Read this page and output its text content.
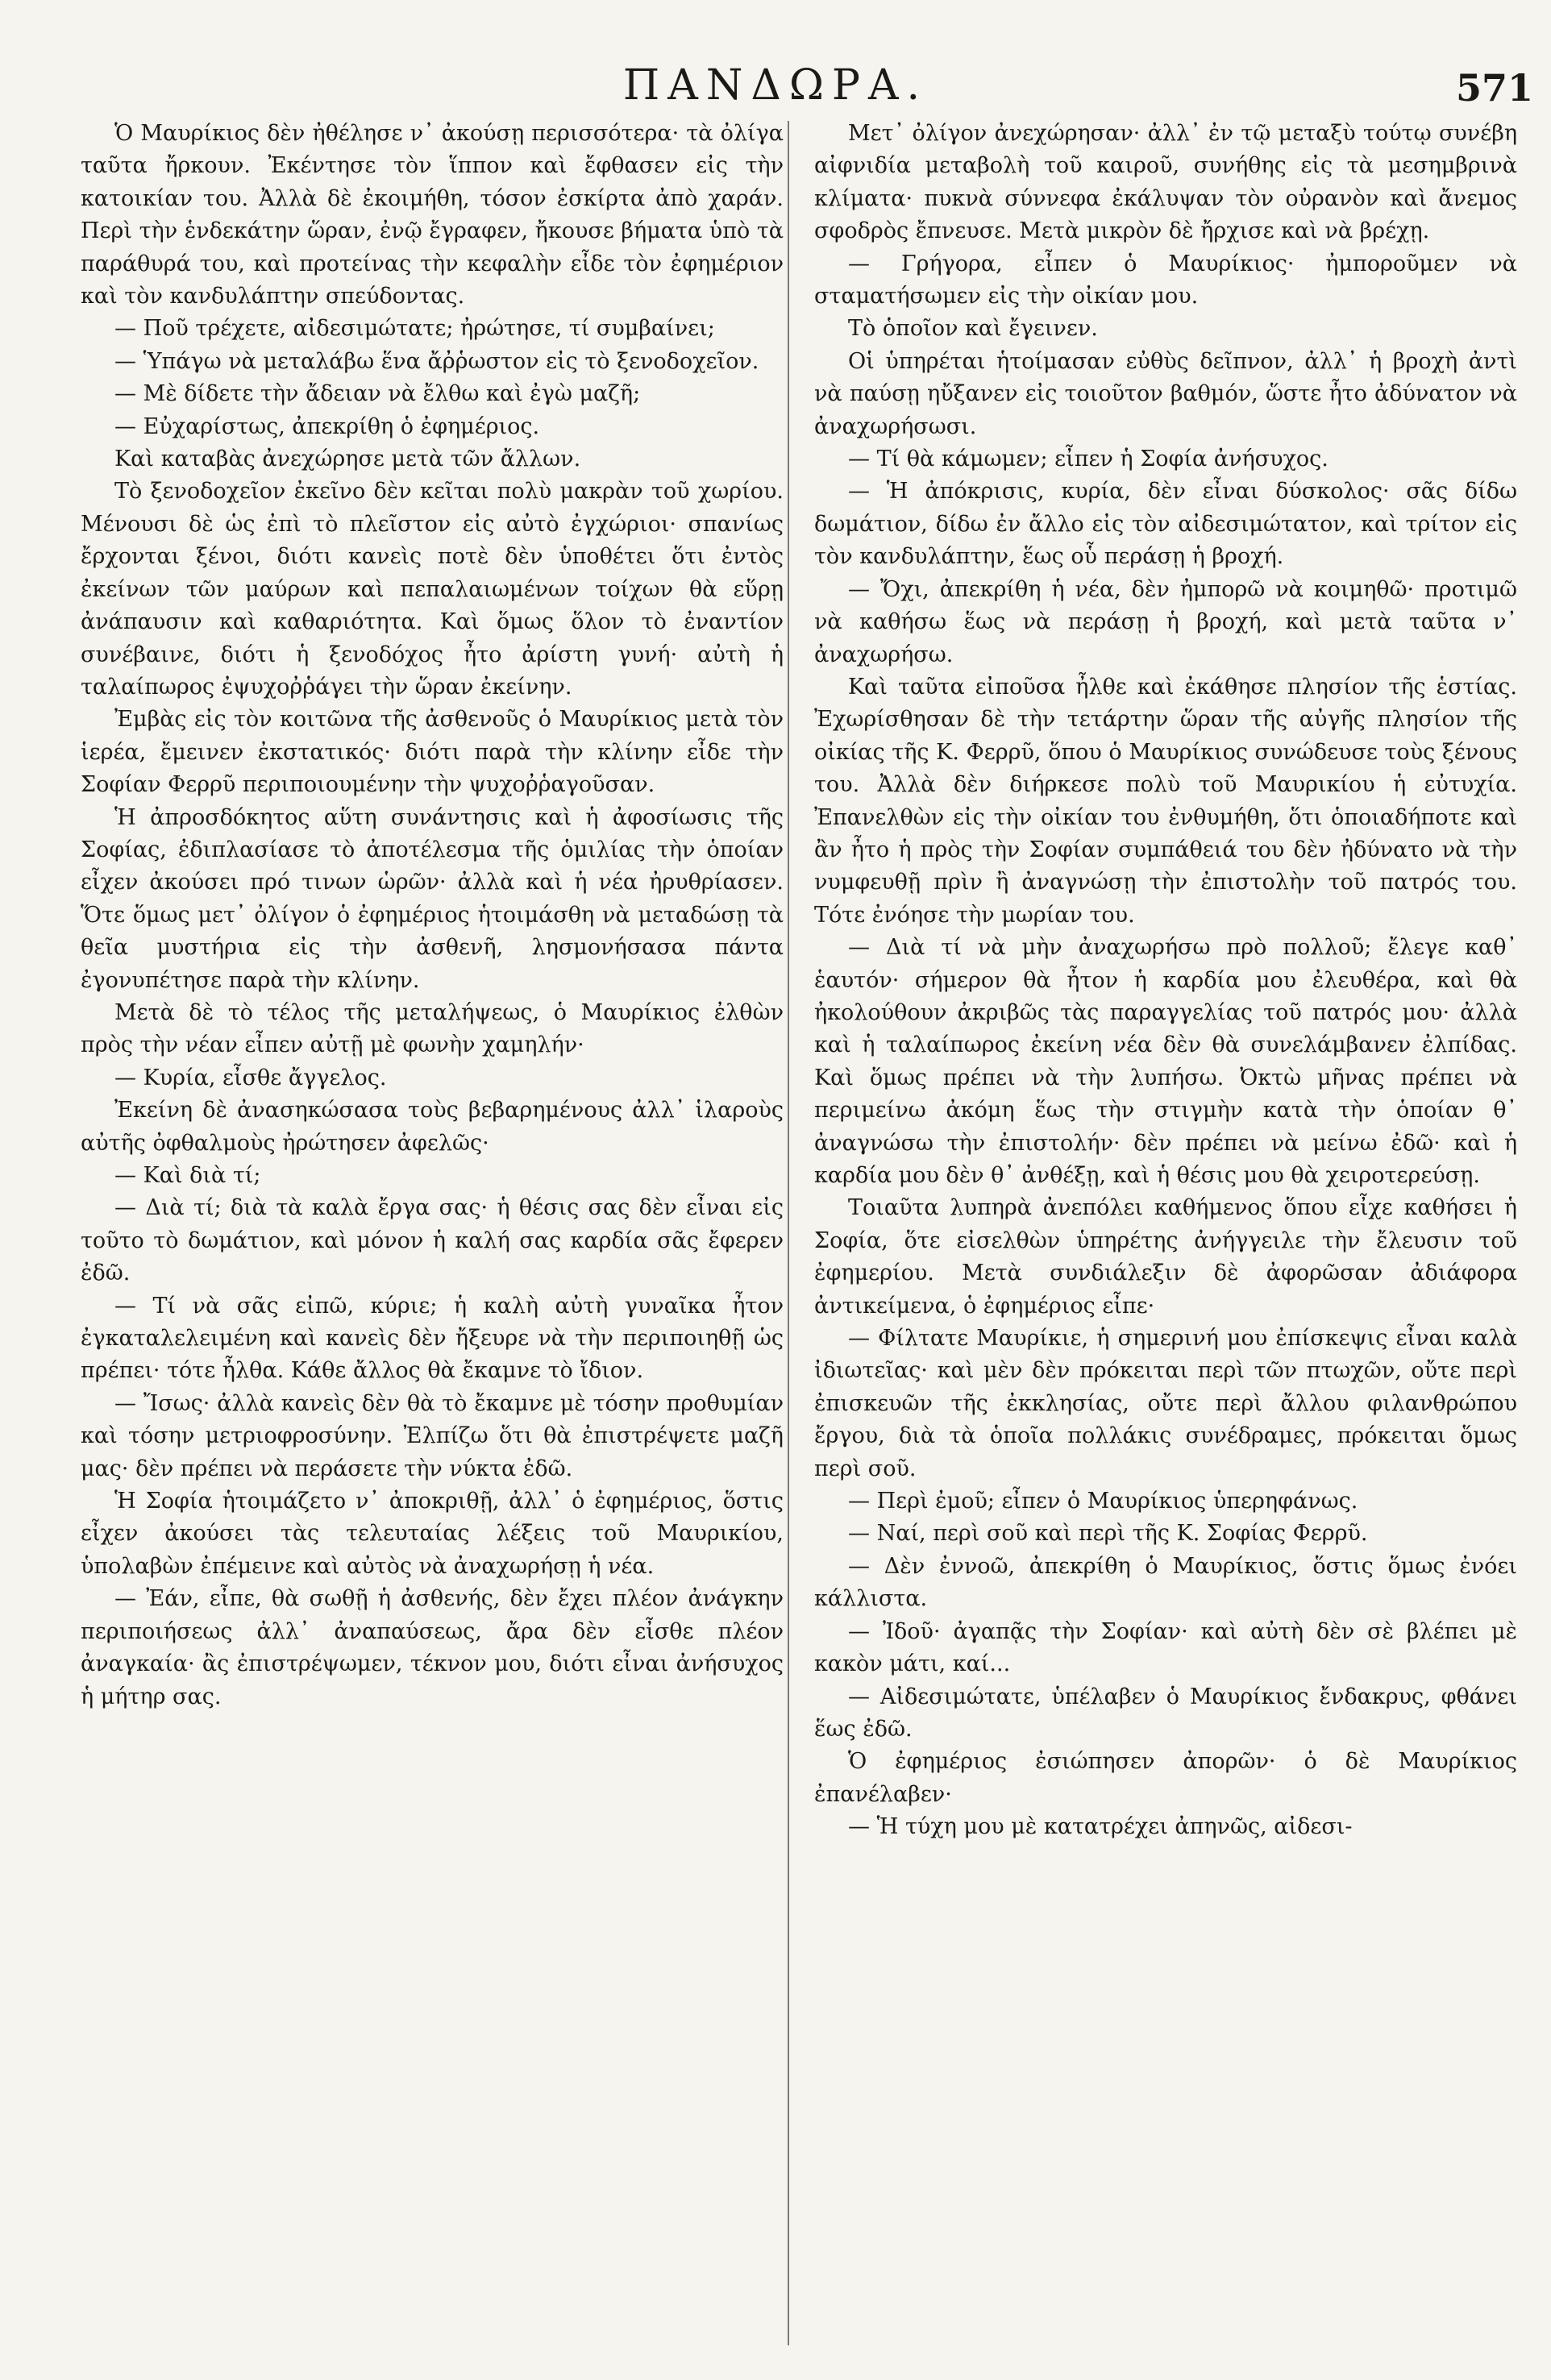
ΠΑΝΔΩΡΑ.	571

Ὁ Μαυρίκιος δὲν ἠθέλησε ν᾽ ἀκούσῃ περισσότερα· τὰ ὀλίγα ταῦτα ἤρκουν. Ἐκέντησε τὸν ἵππον καὶ ἔφθασεν εἰς τὴν κατοικίαν του. Ἀλλὰ δὲ ἐκοιμήθη, τόσον ἐσκίρτα ἀπὸ χαράν. Περὶ τὴν ἑνδεκάτην ὥραν, ἐνῷ ἔγραφεν, ἤκουσε βήματα ὑπὸ τὰ παράθυρά του, καὶ προτείνας τὴν κεφαλὴν εἶδε τὸν ἐφημέριον καὶ τὸν κανδυλάπτην σπεύδοντας.

— Ποῦ τρέχετε, αἰδεσιμώτατε; ἠρώτησε, τί συμβαίνει;

— Ὑπάγω νὰ μεταλάβω ἕνα ἄῤῥωστον εἰς τὸ ξενοδοχεῖον.

— Μὲ δίδετε τὴν ἄδειαν νὰ ἔλθω καὶ ἐγὼ μαζῆ;

— Εὐχαρίστως, ἀπεκρίθη ὁ ἐφημέριος.

Καὶ καταβὰς ἀνεχώρησε μετὰ τῶν ἄλλων.

Τὸ ξενοδοχεῖον ἐκεῖνο δὲν κεῖται πολὺ μακρὰν τοῦ χωρίου. Μένουσι δὲ ὡς ἐπὶ τὸ πλεῖστον εἰς αὐτὸ ἐγχώριοι· σπανίως ἔρχονται ξένοι, διότι κανεὶς ποτὲ δὲν ὑποθέτει ὅτι ἐντὸς ἐκείνων τῶν μαύρων καὶ πεπαλαιωμένων τοίχων θὰ εὕρῃ ἀνάπαυσιν καὶ καθαριότητα. Καὶ ὅμως ὅλον τὸ ἐναντίον συνέβαινε, διότι ἡ ξενοδόχος ἦτο ἀρίστη γυνή· αὐτὴ ἡ ταλαίπωρος ἐψυχοῤῥάγει τὴν ὥραν ἐκείνην.

Ἐμβὰς εἰς τὸν κοιτῶνα τῆς ἀσθενοῦς ὁ Μαυρίκιος μετὰ τὸν ἱερέα, ἔμεινεν ἐκστατικός· διότι παρὰ τὴν κλίνην εἶδε τὴν Σοφίαν Φερρῦ περιποιουμένην τὴν ψυχοῤῥαγοῦσαν.

Ἡ ἀπροσδόκητος αὕτη συνάντησις καὶ ἡ ἀφοσίωσις τῆς Σοφίας, ἐδιπλασίασε τὸ ἀποτέλεσμα τῆς ὁμιλίας τὴν ὁποίαν εἶχεν ἀκούσει πρό τινων ὡρῶν· ἀλλὰ καὶ ἡ νέα ἠρυθρίασεν. Ὅτε ὅμως μετ᾽ ὀλίγον ὁ ἐφημέριος ἡτοιμάσθη νὰ μεταδώσῃ τὰ θεῖα μυστήρια εἰς τὴν ἀσθενῆ, λησμονήσασα πάντα ἐγονυπέτησε παρὰ τὴν κλίνην.

Μετὰ δὲ τὸ τέλος τῆς μεταλήψεως, ὁ Μαυρίκιος ἐλθὼν πρὸς τὴν νέαν εἶπεν αὐτῇ μὲ φωνὴν χαμηλήν·

— Κυρία, εἶσθε ἄγγελος.

Ἐκείνη δὲ ἀνασηκώσασα τοὺς βεβαρημένους ἀλλ᾽ ἱλαροὺς αὐτῆς ὀφθαλμοὺς ἠρώτησεν ἀφελῶς·

— Καὶ διὰ τί;

— Διὰ τί; διὰ τὰ καλὰ ἔργα σας· ἡ θέσις σας δὲν εἶναι εἰς τοῦτο τὸ δωμάτιον, καὶ μόνον ἡ καλή σας καρδία σᾶς ἔφερεν ἐδῶ.

— Τί νὰ σᾶς εἰπῶ, κύριε; ἡ καλὴ αὐτὴ γυναῖκα ἦτον ἐγκαταλελειμένη καὶ κανεὶς δὲν ἤξευρε νὰ τὴν περιποιηθῇ ὡς πρέπει· τότε ἦλθα. Κάθε ἄλλος θὰ ἔκαμνε τὸ ἴδιον.

— Ἴσως· ἀλλὰ κανεὶς δὲν θὰ τὸ ἔκαμνε μὲ τόσην προθυμίαν καὶ τόσην μετριοφροσύνην. Ἐλπίζω ὅτι θὰ ἐπιστρέψετε μαζῆ μας· δὲν πρέπει νὰ περάσετε τὴν νύκτα ἐδῶ.

Ἡ Σοφία ἡτοιμάζετο ν᾽ ἀποκριθῇ, ἀλλ᾽ ὁ ἐφημέριος, ὅστις εἶχεν ἀκούσει τὰς τελευταίας λέξεις τοῦ Μαυρικίου, ὑπολαβὼν ἐπέμεινε καὶ αὐτὸς νὰ ἀναχωρήσῃ ἡ νέα.

— Ἐάν, εἶπε, θὰ σωθῇ ἡ ἀσθενής, δὲν ἔχει πλέον ἀνάγκην περιποιήσεως ἀλλ᾽ ἀναπαύσεως, ἄρα δὲν εἶσθε πλέον ἀναγκαία· ἂς ἐπιστρέψωμεν, τέκνον μου, διότι εἶναι ἀνήσυχος ἡ μήτηρ σας.

Μετ᾽ ὀλίγον ἀνεχώρησαν· ἀλλ᾽ ἐν τῷ μεταξὺ τούτῳ συνέβη αἰφνιδία μεταβολὴ τοῦ καιροῦ, συνήθης εἰς τὰ μεσημβρινὰ κλίματα· πυκνὰ σύννεφα ἐκάλυψαν τὸν οὐρανὸν καὶ ἄνεμος σφοδρὸς ἔπνευσε. Μετὰ μικρὸν δὲ ἤρχισε καὶ νὰ βρέχῃ.

— Γρήγορα, εἶπεν ὁ Μαυρίκιος· ἠμποροῦμεν νὰ σταματήσωμεν εἰς τὴν οἰκίαν μου.

Τὸ ὁποῖον καὶ ἔγεινεν.

Οἱ ὑπηρέται ἡτοίμασαν εὐθὺς δεῖπνον, ἀλλ᾽ ἡ βροχὴ ἀντὶ νὰ παύσῃ ηὔξανεν εἰς τοιοῦτον βαθμόν, ὥστε ἦτο ἀδύνατον νὰ ἀναχωρήσωσι.

— Τί θὰ κάμωμεν; εἶπεν ἡ Σοφία ἀνήσυχος.

— Ἡ ἀπόκρισις, κυρία, δὲν εἶναι δύσκολος· σᾶς δίδω δωμάτιον, δίδω ἐν ἄλλο εἰς τὸν αἰδεσιμώτατον, καὶ τρίτον εἰς τὸν κανδυλάπτην, ἕως οὗ περάσῃ ἡ βροχή.

— Ὄχι, ἀπεκρίθη ἡ νέα, δὲν ἠμπορῶ νὰ κοιμηθῶ· προτιμῶ νὰ καθήσω ἕως νὰ περάσῃ ἡ βροχή, καὶ μετὰ ταῦτα ν᾽ ἀναχωρήσω.

Καὶ ταῦτα εἰποῦσα ἦλθε καὶ ἐκάθησε πλησίον τῆς ἑστίας. Ἐχωρίσθησαν δὲ τὴν τετάρτην ὥραν τῆς αὐγῆς πλησίον τῆς οἰκίας τῆς Κ. Φερρῦ, ὅπου ὁ Μαυρίκιος συνώδευσε τοὺς ξένους του. Ἀλλὰ δὲν διήρκεσε πολὺ τοῦ Μαυρικίου ἡ εὐτυχία. Ἐπανελθὼν εἰς τὴν οἰκίαν του ἐνθυμήθη, ὅτι ὁποιαδήποτε καὶ ἂν ἦτο ἡ πρὸς τὴν Σοφίαν συμπάθειά του δὲν ἠδύνατο νὰ τὴν νυμφευθῇ πρὶν ἢ ἀναγνώσῃ τὴν ἐπιστολὴν τοῦ πατρός του. Τότε ἐνόησε τὴν μωρίαν του.

— Διὰ τί νὰ μὴν ἀναχωρήσω πρὸ πολλοῦ; ἔλεγε καθ᾽ ἑαυτόν· σήμερον θὰ ἦτον ἡ καρδία μου ἐλευθέρα, καὶ θὰ ἠκολούθουν ἀκριβῶς τὰς παραγγελίας τοῦ πατρός μου· ἀλλὰ καὶ ἡ ταλαίπωρος ἐκείνη νέα δὲν θὰ συνελάμβανεν ἐλπίδας. Καὶ ὅμως πρέπει νὰ τὴν λυπήσω. Ὀκτὼ μῆνας πρέπει νὰ περιμείνω ἀκόμη ἕως τὴν στιγμὴν κατὰ τὴν ὁποίαν θ᾽ ἀναγνώσω τὴν ἐπιστολήν· δὲν πρέπει νὰ μείνω ἐδῶ· καὶ ἡ καρδία μου δὲν θ᾽ ἀνθέξῃ, καὶ ἡ θέσις μου θὰ χειροτερεύσῃ.

Τοιαῦτα λυπηρὰ ἀνεπόλει καθήμενος ὅπου εἶχε καθήσει ἡ Σοφία, ὅτε εἰσελθὼν ὑπηρέτης ἀνήγγειλε τὴν ἔλευσιν τοῦ ἐφημερίου. Μετὰ συνδιάλεξιν δὲ ἀφορῶσαν ἀδιάφορα ἀντικείμενα, ὁ ἐφημέριος εἶπε·

— Φίλτατε Μαυρίκιε, ἡ σημερινή μου ἐπίσκεψις εἶναι καλὰ ἰδιωτεῖας· καὶ μὲν δὲν πρόκειται περὶ τῶν πτωχῶν, οὔτε περὶ ἐπισκευῶν τῆς ἐκκλησίας, οὔτε περὶ ἄλλου φιλανθρώπου ἔργου, διὰ τὰ ὁποῖα πολλάκις συνέδραμες, πρόκειται ὅμως περὶ σοῦ.

— Περὶ ἐμοῦ; εἶπεν ὁ Μαυρίκιος ὑπερηφάνως.

— Ναί, περὶ σοῦ καὶ περὶ τῆς Κ. Σοφίας Φερρῦ.

— Δὲν ἐννοῶ, ἀπεκρίθη ὁ Μαυρίκιος, ὅστις ὅμως ἐνόει κάλλιστα.

— Ἰδοῦ· ἀγαπᾷς τὴν Σοφίαν· καὶ αὐτὴ δὲν σὲ βλέπει μὲ κακὸν μάτι, καί...

— Αἰδεσιμώτατε, ὑπέλαβεν ὁ Μαυρίκιος ἔνδακρυς, φθάνει ἕως ἐδῶ.

Ὁ ἐφημέριος ἐσιώπησεν ἀπορῶν· ὁ δὲ Μαυρίκιος ἐπανέλαβεν·

— Ἡ τύχη μου μὲ κατατρέχει ἀπηνῶς, αἰδεσι-
